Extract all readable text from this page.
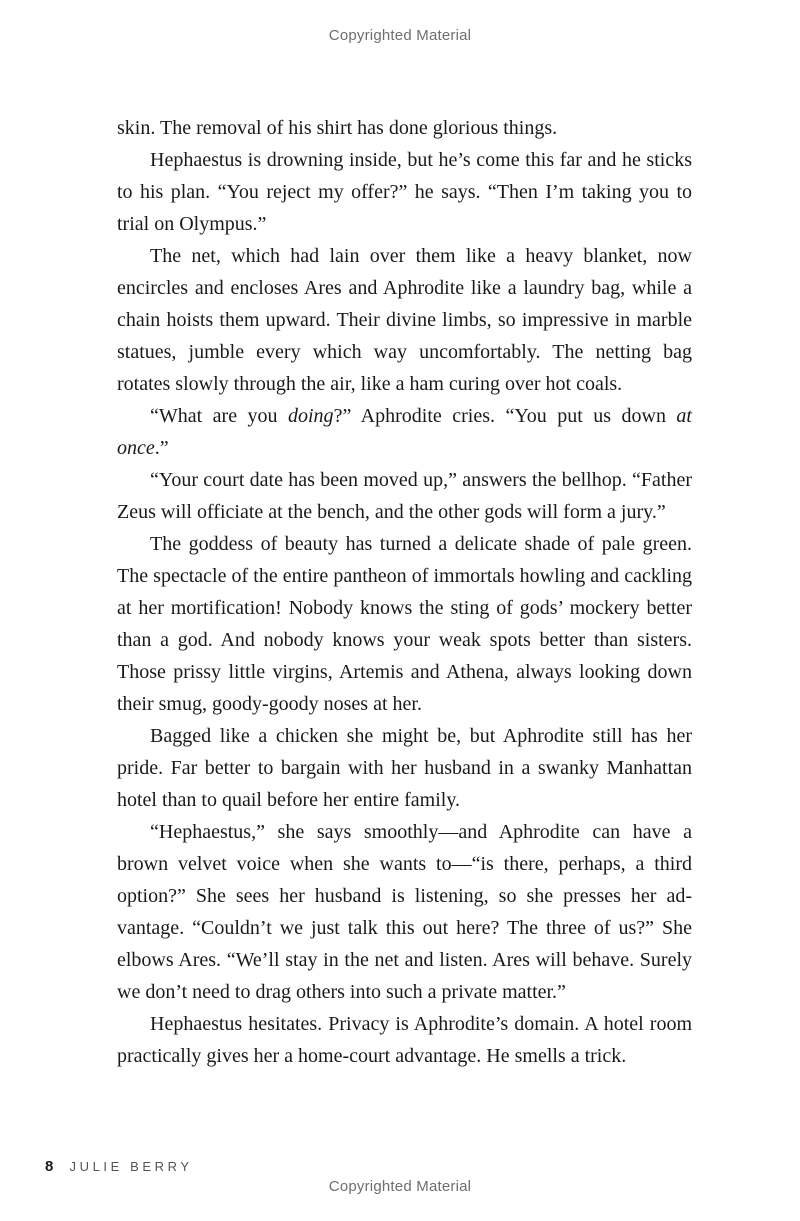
Copyrighted Material

skin. The removal of his shirt has done glorious things.

Hephaestus is drowning inside, but he’s come this far and he sticks to his plan. “You reject my offer?” he says. “Then I’m taking you to trial on Olympus.”

The net, which had lain over them like a heavy blanket, now encircles and encloses Ares and Aphrodite like a laundry bag, while a chain hoists them upward. Their divine limbs, so impressive in marble statues, jumble every which way uncomfortably. The netting bag rotates slowly through the air, like a ham curing over hot coals.

“What are you doing?” Aphrodite cries. “You put us down at once.”

“Your court date has been moved up,” answers the bellhop. “Father Zeus will officiate at the bench, and the other gods will form a jury.”

The goddess of beauty has turned a delicate shade of pale green. The spectacle of the entire pantheon of immortals howling and cackling at her mortification! Nobody knows the sting of gods’ mockery better than a god. And nobody knows your weak spots better than sisters. Those prissy little virgins, Artemis and Athena, always looking down their smug, goody-goody noses at her.

Bagged like a chicken she might be, but Aphrodite still has her pride. Far better to bargain with her husband in a swanky Manhattan hotel than to quail before her entire family.

“Hephaestus,” she says smoothly—and Aphrodite can have a brown velvet voice when she wants to—“is there, perhaps, a third option?” She sees her husband is listening, so she presses her advantage. “Couldn’t we just talk this out here? The three of us?” She elbows Ares. “We’ll stay in the net and listen. Ares will behave. Surely we don’t need to drag others into such a private matter.”

Hephaestus hesitates. Privacy is Aphrodite’s domain. A hotel room practically gives her a home-court advantage. He smells a trick.

8 JULIE BERRY
Copyrighted Material
